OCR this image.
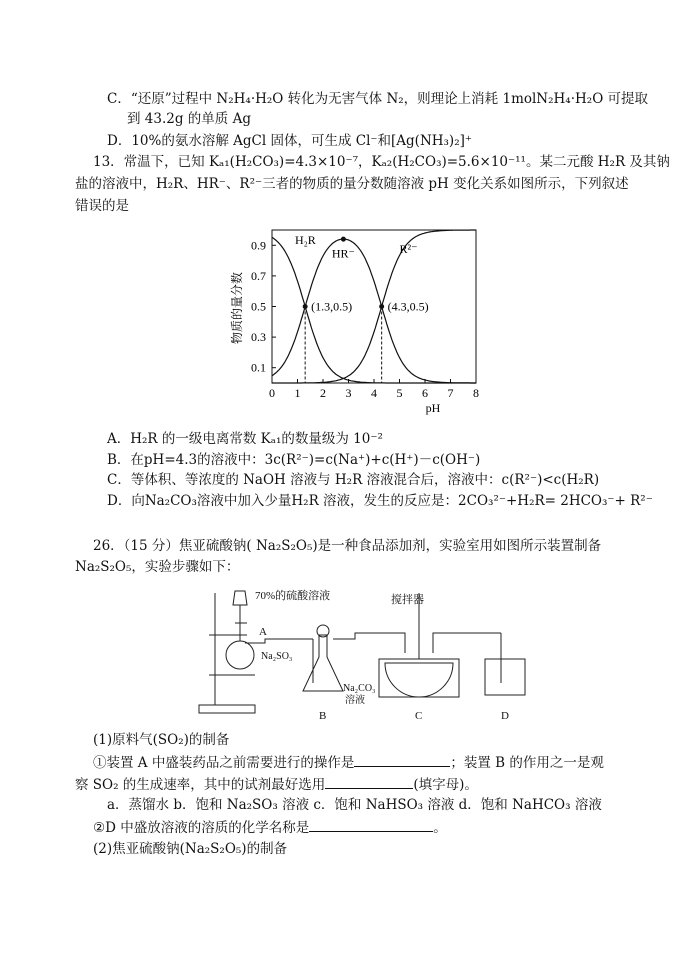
C．“还原”过程中 N₂H₄·H₂O 转化为无害气体 N₂，则理论上消耗 1molN₂H₄·H₂O 可提取
到 43.2g 的单质 Ag
D．10%的氨水溶解 AgCl 固体，可生成 Cl⁻和[Ag(NH₃)₂]⁺
13．常温下，已知 Kₐ₁(H₂CO₃)=4.3×10⁻⁷，Kₐ₂(H₂CO₃)=5.6×10⁻¹¹。某二元酸 H₂R 及其钠
盐的溶液中，H₂R、HR⁻、R²⁻三者的物质的量分数随溶液 pH 变化关系如图所示，下列叙述
错误的是
0.1
0.3
0.5
0.7
0.9
0 1 2 3 4 5 6 7 8
物质的量分数
pH
H₂R
HR⁻	R²⁻
(1.3,0.5)	(4.3,0.5)
A．H₂R 的一级电离常数 Kₐ₁的数量级为 10⁻²
B．在pH=4.3的溶液中：3c(R²⁻)=c(Na⁺)+c(H⁺)－c(OH⁻)
C．等体积、等浓度的 NaOH 溶液与 H₂R 溶液混合后，溶液中：c(R²⁻)<c(H₂R)
D．向Na₂CO₃溶液中加入少量H₂R 溶液，发生的反应是：2CO₃²⁻+H₂R= 2HCO₃⁻+ R²⁻
26．（15 分）焦亚硫酸钠( Na₂S₂O₅)是一种食品添加剂，实验室用如图所示装置制备
Na₂S₂O₅，实验步骤如下：
70%的硫酸溶液	搅拌器
A
Na₂SO₃
Na₂CO₃
溶液
B	C	D
(1)原料气(SO₂)的制备
①装置 A 中盛装药品之前需要进行的操作是	；装置 B 的作用之一是观
察 SO₂ 的生成速率，其中的试剂最好选用	(填字母)。
a．蒸馏水 b．饱和 Na₂SO₃ 溶液 c．饱和 NaHSO₃ 溶液 d．饱和 NaHCO₃ 溶液
②D 中盛放溶液的溶质的化学名称是	。
(2)焦亚硫酸钠(Na₂S₂O₅)的制备
